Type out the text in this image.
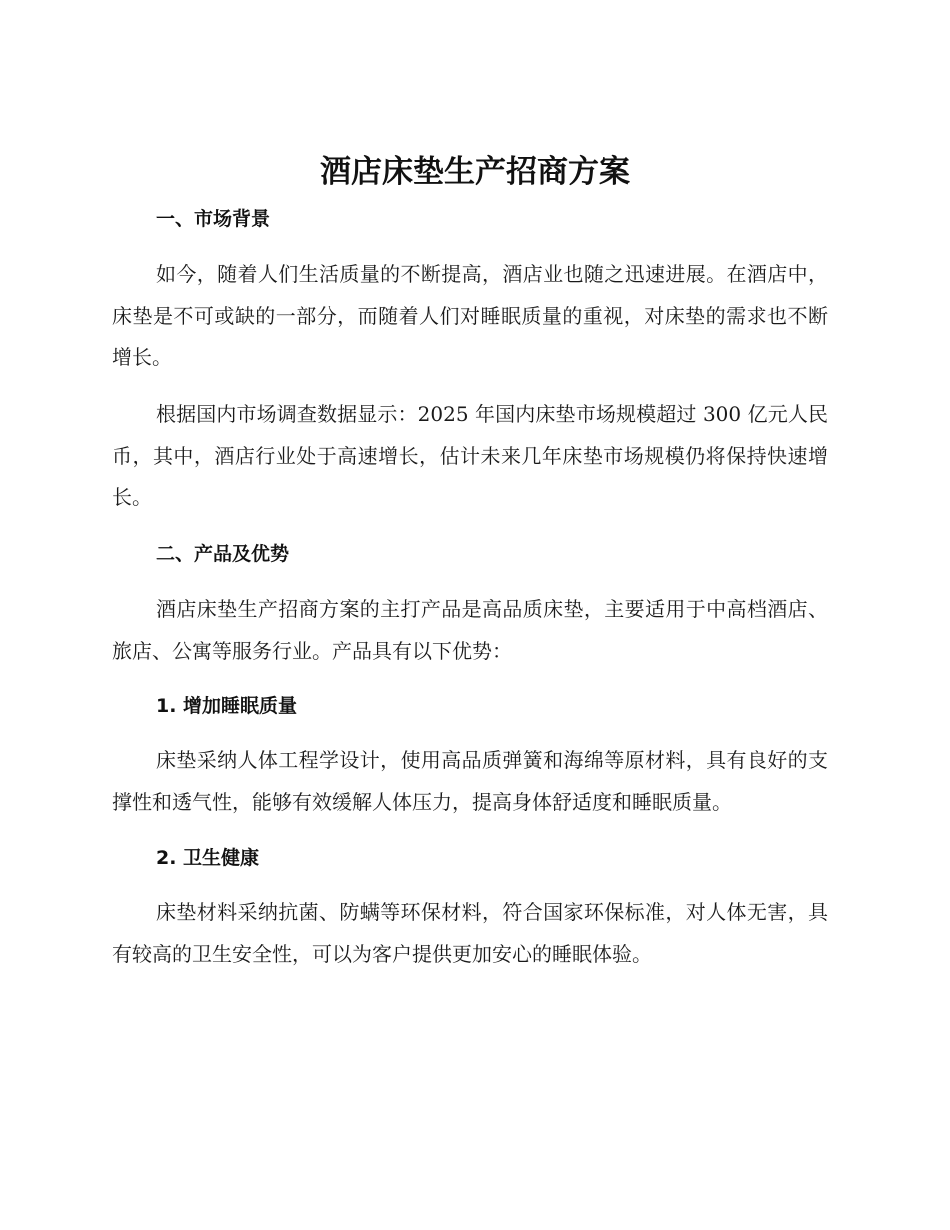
酒店床垫生产招商方案
一、市场背景
如今，随着人们生活质量的不断提高，酒店业也随之迅速进展。在酒店中，床垫是不可或缺的一部分，而随着人们对睡眠质量的重视，对床垫的需求也不断增长。
根据国内市场调查数据显示：2025 年国内床垫市场规模超过 300 亿元人民币，其中，酒店行业处于高速增长，估计未来几年床垫市场规模仍将保持快速增长。
二、产品及优势
酒店床垫生产招商方案的主打产品是高品质床垫，主要适用于中高档酒店、旅店、公寓等服务行业。产品具有以下优势：
1. 增加睡眠质量
床垫采纳人体工程学设计，使用高品质弹簧和海绵等原材料，具有良好的支撑性和透气性，能够有效缓解人体压力，提高身体舒适度和睡眠质量。
2. 卫生健康
床垫材料采纳抗菌、防螨等环保材料，符合国家环保标准，对人体无害，具有较高的卫生安全性，可以为客户提供更加安心的睡眠体验。
